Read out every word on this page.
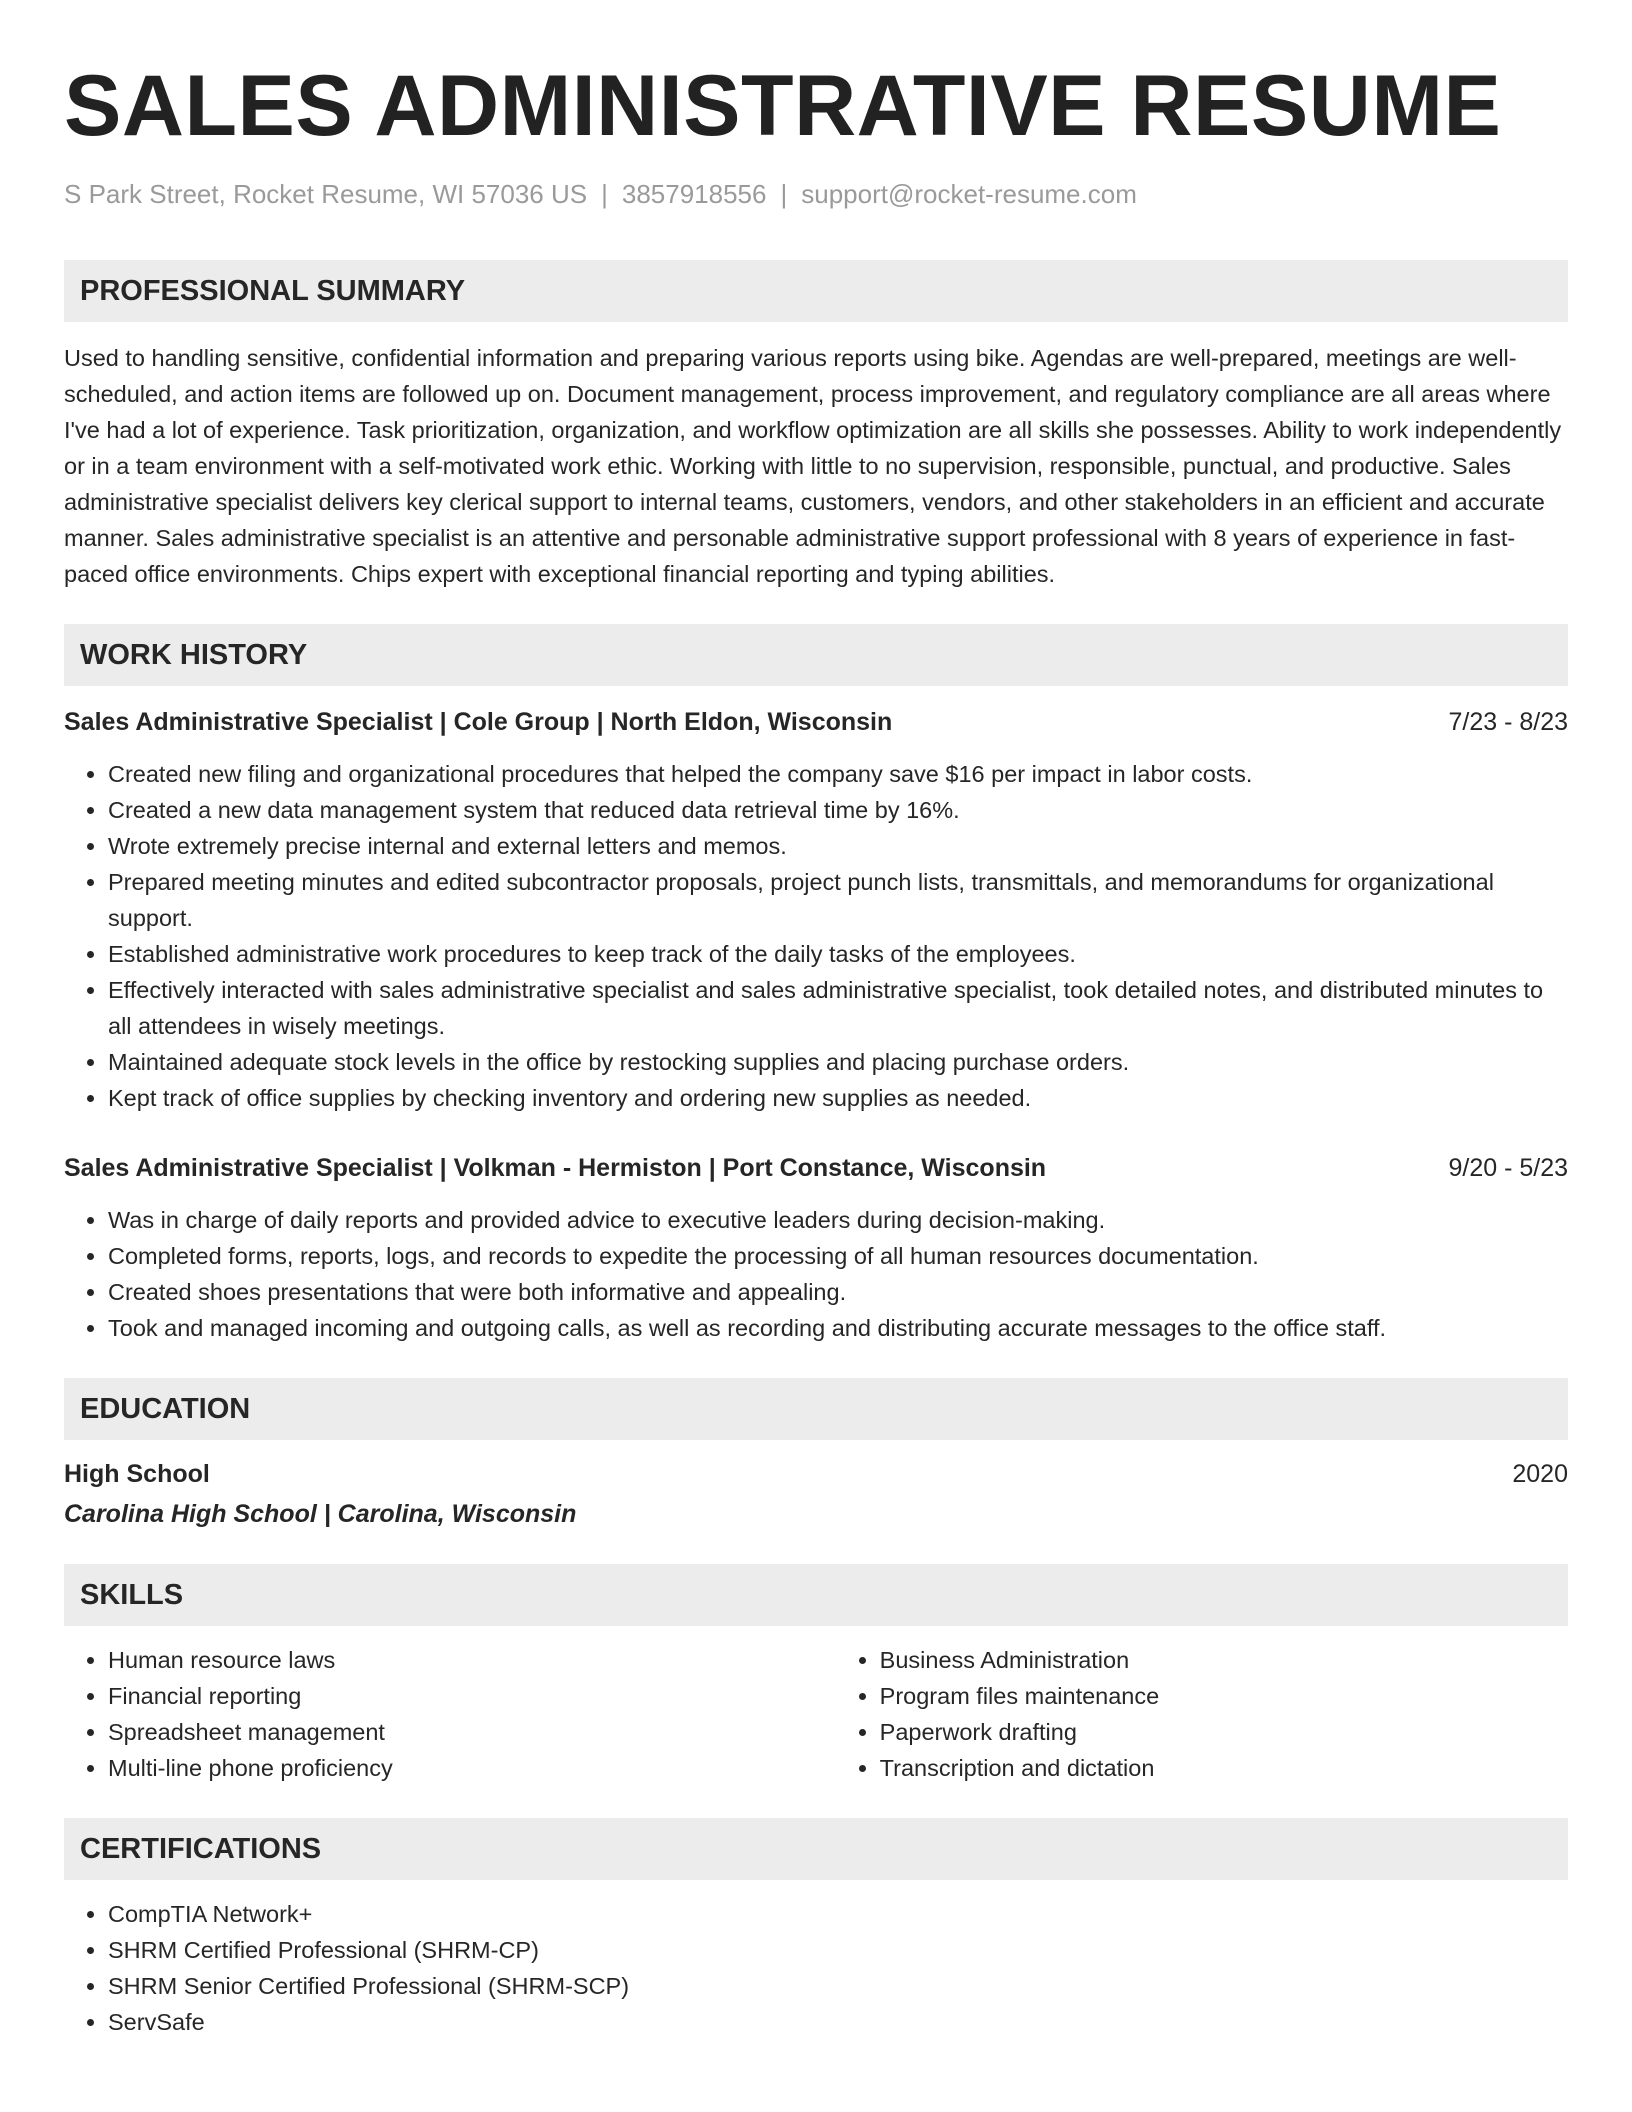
SALES ADMINISTRATIVE RESUME
S Park Street, Rocket Resume, WI 57036 US | 3857918556 | support@rocket-resume.com
PROFESSIONAL SUMMARY
Used to handling sensitive, confidential information and preparing various reports using bike. Agendas are well-prepared, meetings are well-scheduled, and action items are followed up on. Document management, process improvement, and regulatory compliance are all areas where I've had a lot of experience. Task prioritization, organization, and workflow optimization are all skills she possesses. Ability to work independently or in a team environment with a self-motivated work ethic. Working with little to no supervision, responsible, punctual, and productive. Sales administrative specialist delivers key clerical support to internal teams, customers, vendors, and other stakeholders in an efficient and accurate manner. Sales administrative specialist is an attentive and personable administrative support professional with 8 years of experience in fast-paced office environments. Chips expert with exceptional financial reporting and typing abilities.
WORK HISTORY
Sales Administrative Specialist | Cole Group | North Eldon, Wisconsin	7/23 - 8/23
• Created new filing and organizational procedures that helped the company save $16 per impact in labor costs.
• Created a new data management system that reduced data retrieval time by 16%.
• Wrote extremely precise internal and external letters and memos.
• Prepared meeting minutes and edited subcontractor proposals, project punch lists, transmittals, and memorandums for organizational support.
• Established administrative work procedures to keep track of the daily tasks of the employees.
• Effectively interacted with sales administrative specialist and sales administrative specialist, took detailed notes, and distributed minutes to all attendees in wisely meetings.
• Maintained adequate stock levels in the office by restocking supplies and placing purchase orders.
• Kept track of office supplies by checking inventory and ordering new supplies as needed.
Sales Administrative Specialist | Volkman - Hermiston | Port Constance, Wisconsin	9/20 - 5/23
• Was in charge of daily reports and provided advice to executive leaders during decision-making.
• Completed forms, reports, logs, and records to expedite the processing of all human resources documentation.
• Created shoes presentations that were both informative and appealing.
• Took and managed incoming and outgoing calls, as well as recording and distributing accurate messages to the office staff.
EDUCATION
High School	2020
Carolina High School | Carolina, Wisconsin
SKILLS
• Human resource laws
• Financial reporting
• Spreadsheet management
• Multi-line phone proficiency
• Business Administration
• Program files maintenance
• Paperwork drafting
• Transcription and dictation
CERTIFICATIONS
• CompTIA Network+
• SHRM Certified Professional (SHRM-CP)
• SHRM Senior Certified Professional (SHRM-SCP)
• ServSafe
